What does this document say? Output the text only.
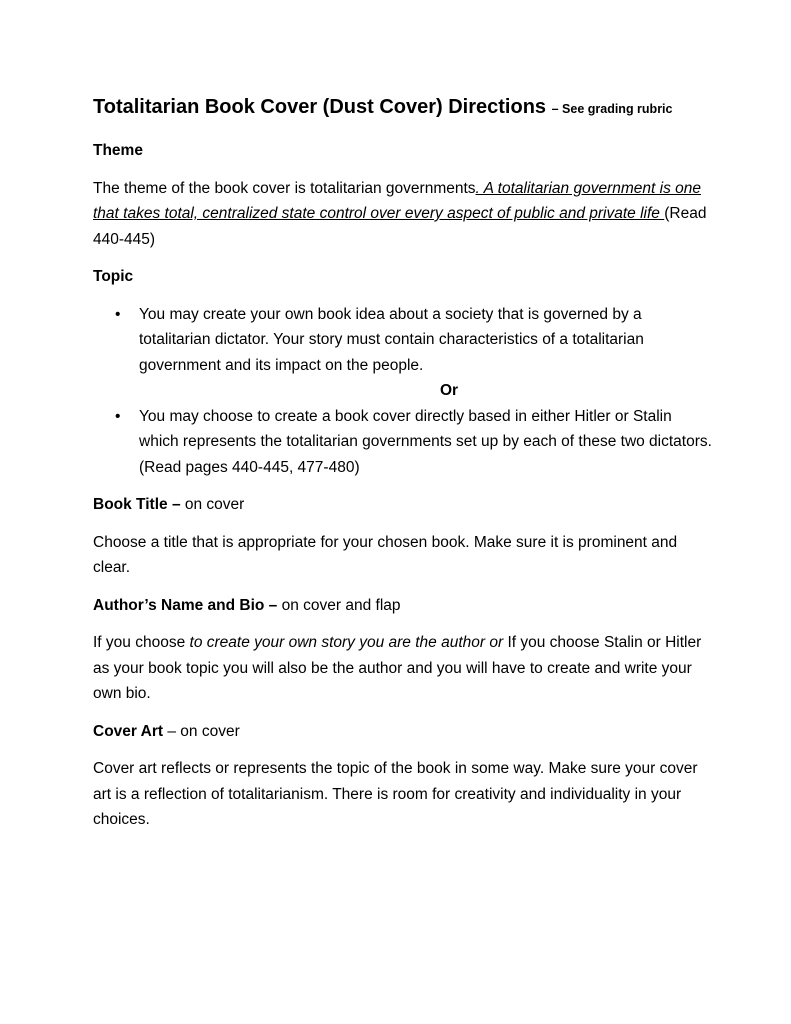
Totalitarian Book Cover (Dust Cover) Directions – See grading rubric
Theme

The theme of the book cover is totalitarian governments. A totalitarian government is one that takes total, centralized state control over every aspect of public and private life (Read 440-445)

Topic
• You may create your own book idea about a society that is governed by a totalitarian dictator. Your story must contain characteristics of a totalitarian government and its impact on the people.
Or
• You may choose to create a book cover directly based in either Hitler or Stalin which represents the totalitarian governments set up by each of these two dictators.(Read pages 440-445, 477-480)
Book Title – on cover

Choose a title that is appropriate for your chosen book. Make sure it is prominent and clear.

Author’s Name and Bio – on cover and flap

If you choose to create your own story you are the author or If you choose Stalin or Hitler as your book topic you will also be the author and you will have to create and write your own bio.

Cover Art – on cover

Cover art reflects or represents the topic of the book in some way. Make sure your cover art is a reflection of totalitarianism. There is room for creativity and individuality in your choices.
